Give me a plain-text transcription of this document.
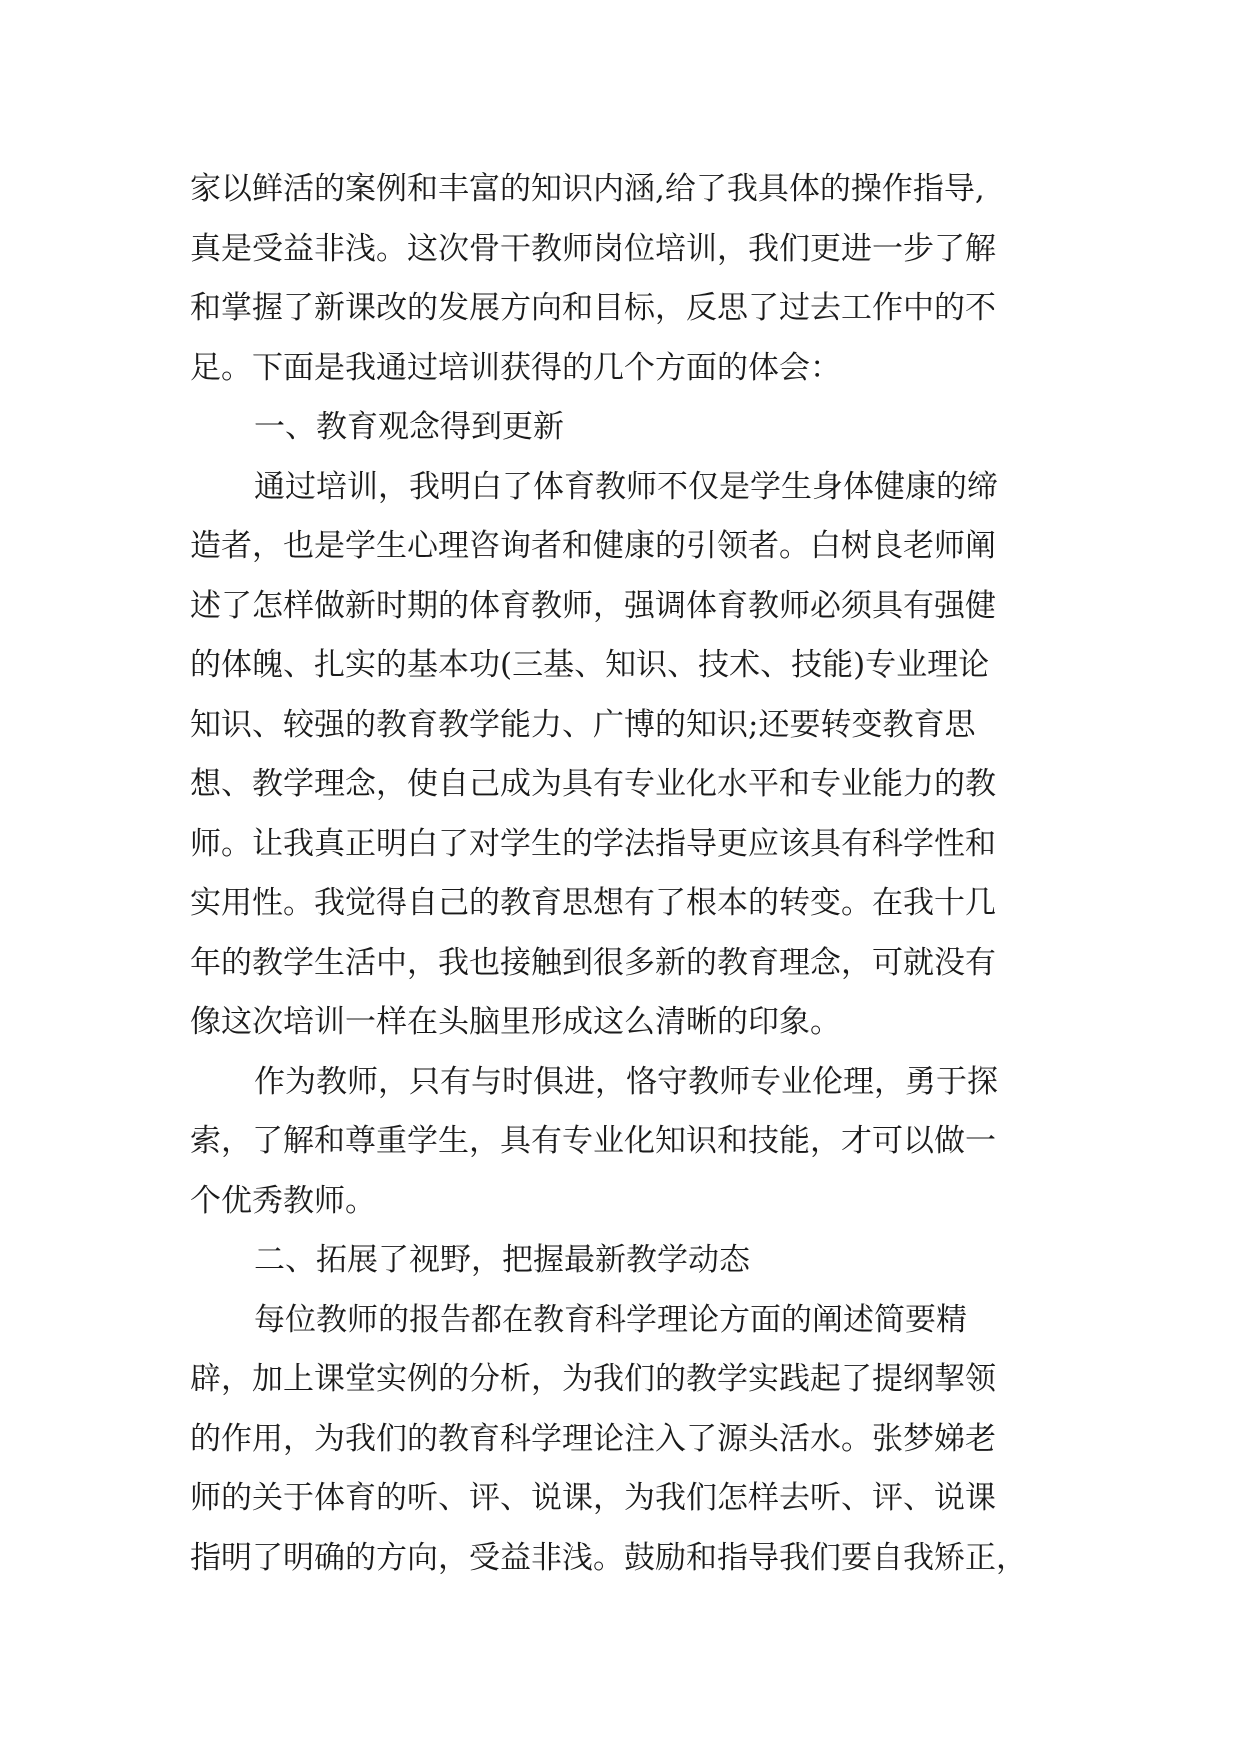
家以鲜活的案例和丰富的知识内涵,给了我具体的操作指导,
真是受益非浅。这次骨干教师岗位培训，我们更进一步了解
和掌握了新课改的发展方向和目标，反思了过去工作中的不
足。下面是我通过培训获得的几个方面的体会：
一、教育观念得到更新
通过培训，我明白了体育教师不仅是学生身体健康的缔
造者，也是学生心理咨询者和健康的引领者。白树良老师阐
述了怎样做新时期的体育教师，强调体育教师必须具有强健
的体魄、扎实的基本功(三基、知识、技术、技能)专业理论
知识、较强的教育教学能力、广博的知识;还要转变教育思
想、教学理念，使自己成为具有专业化水平和专业能力的教
师。让我真正明白了对学生的学法指导更应该具有科学性和
实用性。我觉得自己的教育思想有了根本的转变。在我十几
年的教学生活中，我也接触到很多新的教育理念，可就没有
像这次培训一样在头脑里形成这么清晰的印象。
作为教师，只有与时俱进，恪守教师专业伦理，勇于探
索，了解和尊重学生，具有专业化知识和技能，才可以做一
个优秀教师。
二、拓展了视野，把握最新教学动态
每位教师的报告都在教育科学理论方面的阐述简要精
辟，加上课堂实例的分析，为我们的教学实践起了提纲挈领
的作用，为我们的教育科学理论注入了源头活水。张梦娣老
师的关于体育的听、评、说课，为我们怎样去听、评、说课
指明了明确的方向，受益非浅。鼓励和指导我们要自我矫正，
